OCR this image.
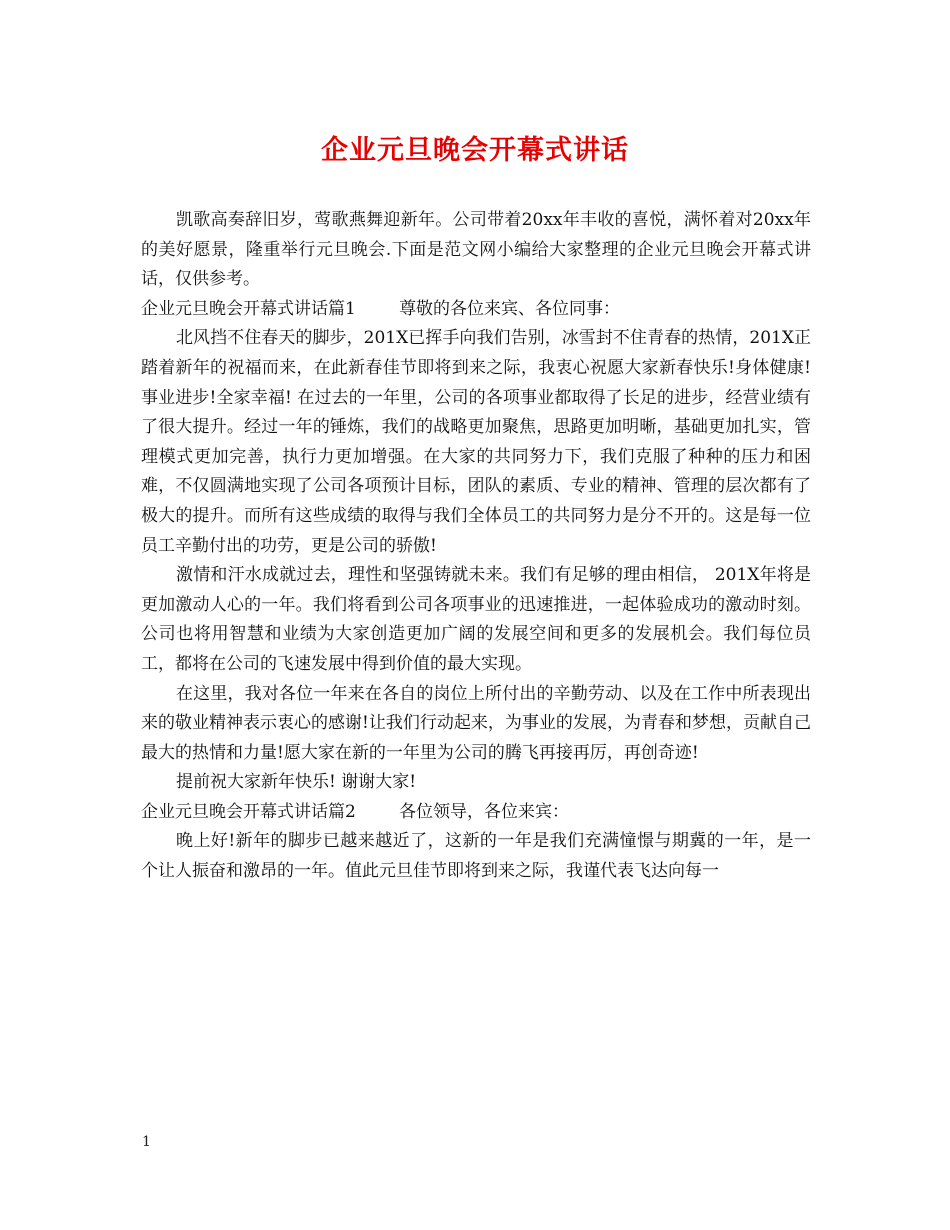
企业元旦晚会开幕式讲话

凯歌高奏辞旧岁，莺歌燕舞迎新年。公司带着20xx年丰收的喜悦，满怀着对20xx年的美好愿景，隆重举行元旦晚会.下面是范文网小编给大家整理的企业元旦晚会开幕式讲话，仅供参考。

企业元旦晚会开幕式讲话篇1	尊敬的各位来宾、各位同事：

北风挡不住春天的脚步，201X已挥手向我们告别，冰雪封不住青春的热情，201X正踏着新年的祝福而来，在此新春佳节即将到来之际，我衷心祝愿大家新春快乐!身体健康!事业进步!全家幸福! 在过去的一年里，公司的各项事业都取得了长足的进步，经营业绩有了很大提升。经过一年的锤炼，我们的战略更加聚焦，思路更加明晰，基础更加扎实，管理模式更加完善，执行力更加增强。在大家的共同努力下，我们克服了种种的压力和困难，不仅圆满地实现了公司各项预计目标，团队的素质、专业的精神、管理的层次都有了极大的提升。而所有这些成绩的取得与我们全体员工的共同努力是分不开的。这是每一位员工辛勤付出的功劳，更是公司的骄傲!

激情和汗水成就过去，理性和坚强铸就未来。我们有足够的理由相信， 201X年将是更加激动人心的一年。我们将看到公司各项事业的迅速推进，一起体验成功的激动时刻。公司也将用智慧和业绩为大家创造更加广阔的发展空间和更多的发展机会。我们每位员工，都将在公司的飞速发展中得到价值的最大实现。

在这里，我对各位一年来在各自的岗位上所付出的辛勤劳动、以及在工作中所表现出来的敬业精神表示衷心的感谢!让我们行动起来，为事业的发展，为青春和梦想，贡献自己最大的热情和力量!愿大家在新的一年里为公司的腾飞再接再厉，再创奇迹!

提前祝大家新年快乐! 谢谢大家!

企业元旦晚会开幕式讲话篇2	各位领导，各位来宾：

晚上好!新年的脚步已越来越近了，这新的一年是我们充满憧憬与期冀的一年，是一个让人振奋和激昂的一年。值此元旦佳节即将到来之际，我谨代表飞达向每一

1
